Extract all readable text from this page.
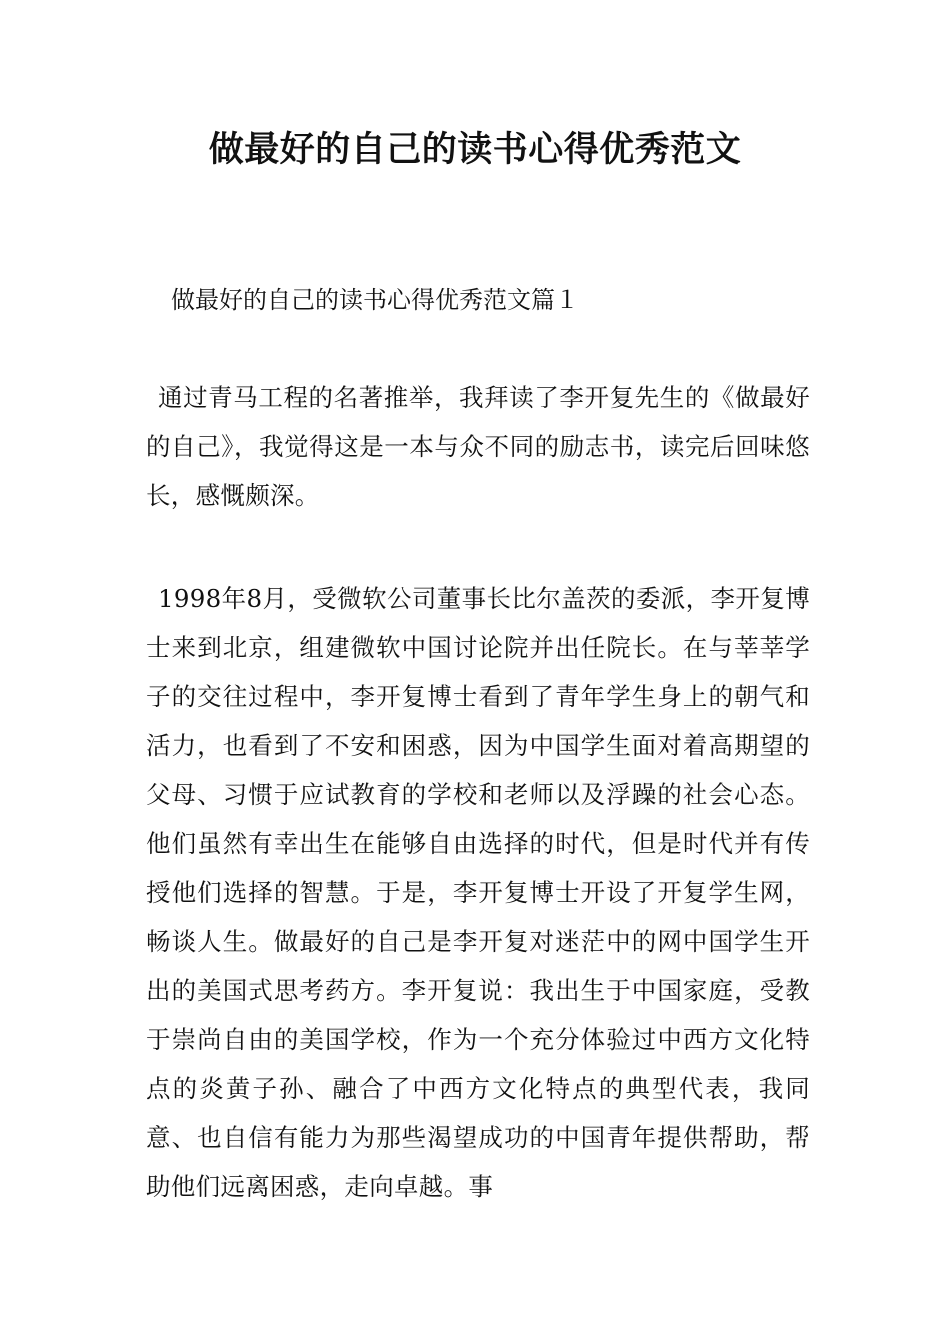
做最好的自己的读书心得优秀范文

做最好的自己的读书心得优秀范文篇１

通过青马工程的名著推举，我拜读了李开复先生的《做最好的自己》，我觉得这是一本与众不同的励志书，读完后回味悠长，感慨颇深。

1998年8月，受微软公司董事长比尔盖茨的委派，李开复博士来到北京，组建微软中国讨论院并出任院长。在与莘莘学子的交往过程中，李开复博士看到了青年学生身上的朝气和活力，也看到了不安和困惑，因为中国学生面对着高期望的父母、习惯于应试教育的学校和老师以及浮躁的社会心态。他们虽然有幸出生在能够自由选择的时代，但是时代并有传授他们选择的智慧。于是，李开复博士开设了开复学生网，畅谈人生。做最好的自己是李开复对迷茫中的网中国学生开出的美国式思考药方。李开复说：我出生于中国家庭，受教于崇尚自由的美国学校，作为一个充分体验过中西方文化特点的炎黄子孙、融合了中西方文化特点的典型代表，我同意、也自信有能力为那些渴望成功的中国青年提供帮助，帮助他们远离困惑，走向卓越。事
